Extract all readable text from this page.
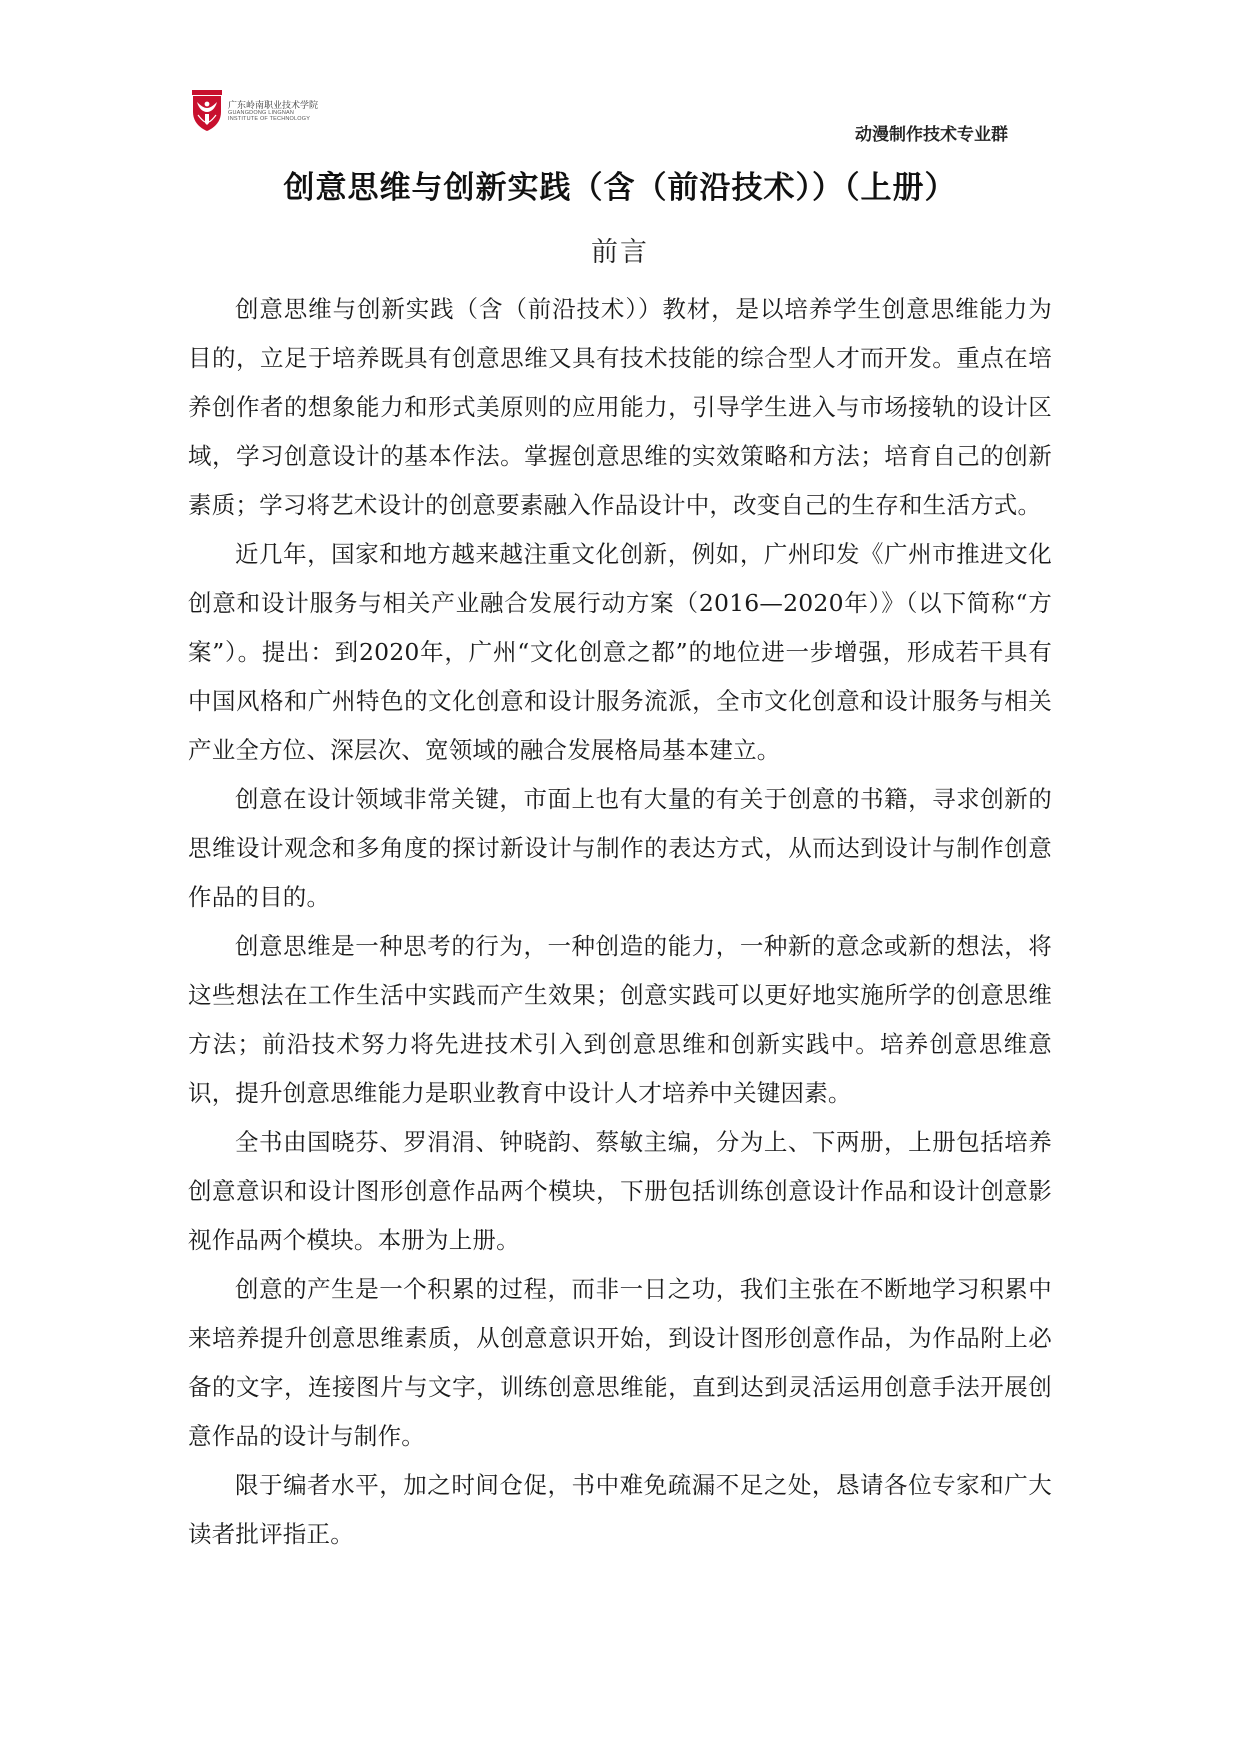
广东岭南职业技术学院
GUANGDONG LINGNAN
INSTITUTE OF TECHNOLOGY
动漫制作技术专业群
创意思维与创新实践（含（前沿技术））（上册）
前言

创意思维与创新实践（含（前沿技术））教材，是以培养学生创意思维能力为目的，立足于培养既具有创意思维又具有技术技能的综合型人才而开发。重点在培养创作者的想象能力和形式美原则的应用能力，引导学生进入与市场接轨的设计区域，学习创意设计的基本作法。掌握创意思维的实效策略和方法；培育自己的创新素质；学习将艺术设计的创意要素融入作品设计中，改变自己的生存和生活方式。

近几年，国家和地方越来越注重文化创新，例如，广州印发《广州市推进文化创意和设计服务与相关产业融合发展行动方案（2016—2020年）》（以下简称“方案”）。提出：到2020年，广州“文化创意之都”的地位进一步增强，形成若干具有中国风格和广州特色的文化创意和设计服务流派，全市文化创意和设计服务与相关产业全方位、深层次、宽领域的融合发展格局基本建立。

创意在设计领域非常关键，市面上也有大量的有关于创意的书籍，寻求创新的思维设计观念和多角度的探讨新设计与制作的表达方式，从而达到设计与制作创意作品的目的。

创意思维是一种思考的行为，一种创造的能力，一种新的意念或新的想法，将这些想法在工作生活中实践而产生效果；创意实践可以更好地实施所学的创意思维方法；前沿技术努力将先进技术引入到创意思维和创新实践中。培养创意思维意识，提升创意思维能力是职业教育中设计人才培养中关键因素。

全书由国晓芬、罗涓涓、钟晓韵、蔡敏主编，分为上、下两册，上册包括培养创意意识和设计图形创意作品两个模块，下册包括训练创意设计作品和设计创意影视作品两个模块。本册为上册。

创意的产生是一个积累的过程，而非一日之功，我们主张在不断地学习积累中来培养提升创意思维素质，从创意意识开始，到设计图形创意作品，为作品附上必备的文字，连接图片与文字，训练创意思维能，直到达到灵活运用创意手法开展创意作品的设计与制作。

限于编者水平，加之时间仓促，书中难免疏漏不足之处，恳请各位专家和广大读者批评指正。
